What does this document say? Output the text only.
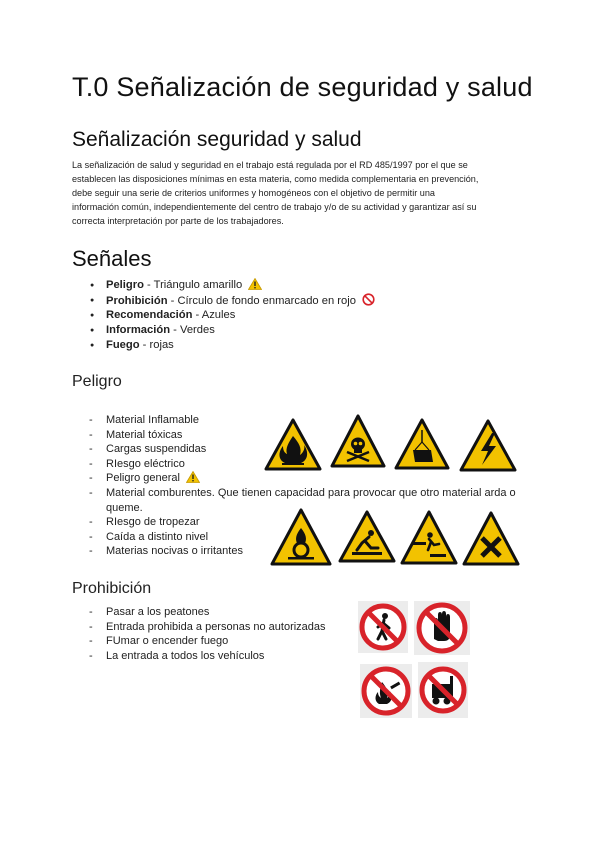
T.0 Señalización de seguridad y salud
Señalización seguridad y salud
La señalización de salud y seguridad en el trabajo está regulada por el RD 485/1997 por el que se
establecen las disposiciones mínimas en esta materia, como medida complementaria en prevención,
debe seguir una serie de criterios uniformes y homogéneos con el objetivo de permitir una
información común, independientemente del centro de trabajo y/o de su actividad y garantizar así su
correcta interpretación por parte de los trabajadores.
Señales
● Peligro - Triángulo amarillo
● Prohibición - Círculo de fondo enmarcado en rojo
● Recomendación - Azules
● Información - Verdes
● Fuego - rojas
Peligro
- Material Inflamable
- Material tóxicas
- Cargas suspendidas
- RIesgo eléctrico
- Peligro general
- Material comburentes. Que tienen capacidad para provocar que otro material arda o
queme.
- RIesgo de tropezar
- Caída a distinto nivel
- Materias nocivas o irritantes
Prohibición
- Pasar a los peatones
- Entrada prohibida a personas no autorizadas
- FUmar o encender fuego
- La entrada a todos los vehículos
